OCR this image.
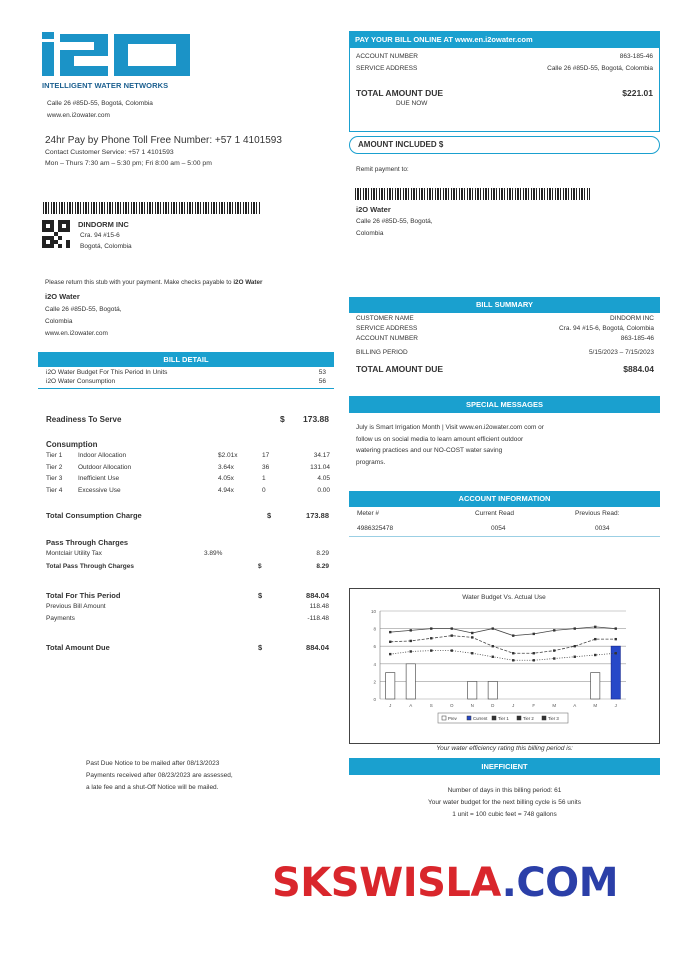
INTELLIGENT WATER NETWORKS
Calle 26 #85D-55, Bogotá, Colombia
www.en.i2owater.com
24hr Pay by Phone Toll Free Number: +57 1 4101593
Contact Customer Service: +57 1 4101593
Mon – Thurs 7:30 am – 5:30 pm; Fri 8:00 am – 5:00 pm
DINDORM INC
Cra. 94 #15-6
Bogotá, Colombia
PAY YOUR BILL ONLINE AT www.en.i2owater.com
ACCOUNT NUMBER	863-185-46
SERVICE ADDRESS	Calle 26 #85D-55, Bogotá, Colombia
TOTAL AMOUNT DUE	$221.01
DUE NOW
AMOUNT INCLUDED $
Remit payment to:
i2O Water
Calle 26 #85D-55, Bogotá,
Colombia
Please return this stub with your payment. Make checks payable to i2O Water
i2O Water
Calle 26 #85D-55, Bogotá,
Colombia
www.en.i2owater.com
BILL DETAIL
i2O Water Budget For This Period In Units	53
i2O Water Consumption	56
Readiness To Serve	$	173.88
Consumption
Tier 1 Indoor Allocation	$2.01x	17	34.17
Tier 2 Outdoor Allocation	3.64x	36	131.04
Tier 3 Inefficient Use	4.05x	1	4.05
Tier 4 Excessive Use	4.94x	0	0.00
Total Consumption Charge	$	173.88
Pass Through Charges
Montclair Utility Tax	3.89%	8.29
Total Pass Through Charges	$	8.29
Total For This Period	$	884.04
Previous Bill Amount	118.48
Payments	-118.48
Total Amount Due	$	884.04
Past Due Notice to be mailed after 08/13/2023
Payments received after 08/23/2023 are assessed,
a late fee and a shut-Off Notice will be mailed.
BILL SUMMARY
CUSTOMER NAME	DINDORM INC
SERVICE ADDRESS	Cra. 94 #15-6, Bogotá, Colombia
ACCOUNT NUMBER	863-185-46
BILLING PERIOD	5/15/2023 – 7/15/2023
TOTAL AMOUNT DUE	$884.04
SPECIAL MESSAGES
July is Smart Irrigation Month | Visit www.en.i2owater.com com or
follow us on social media to learn amount efficient outdoor
watering practices and our NO-COST water saving
programs.
ACCOUNT INFORMATION
Meter #	Current Read	Previous Read:
4986325478	0054	0034
Water Budget Vs. Actual Use
10
8
6
4
2
0
J	A	S	O	N	D	J	F	M	A	M	J
Prev	Current Tier 1	Tier 2	Tier 3
Your water efficiency rating this billing period is:
INEFFICIENT
Number of days in this billing period: 61
Your water budget for the next billing cycle is 56 units
1 unit = 100 cubic feet = 748 gallons
SKSWISLA.COM
